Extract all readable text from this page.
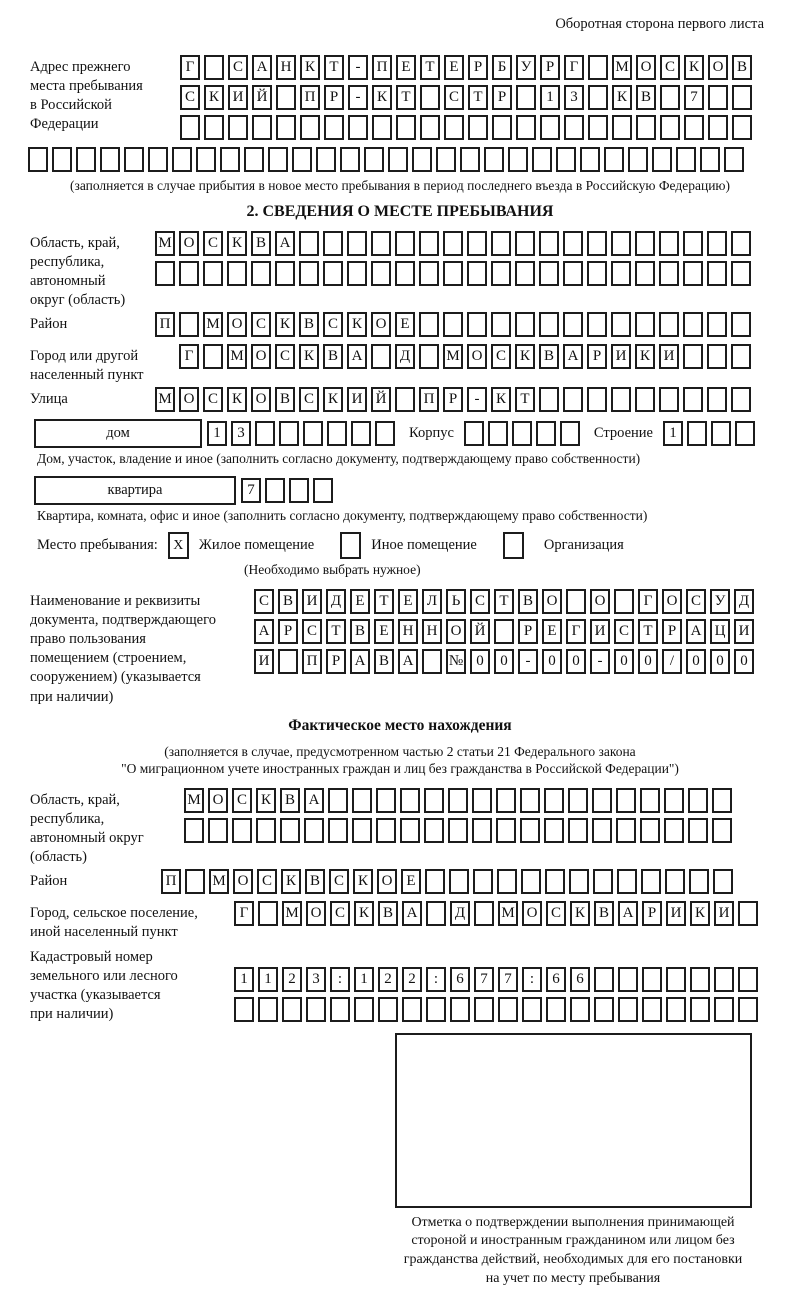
Оборотная сторона первого листа
Адрес прежнего
места пребывания
в Российской
Федерации
Г	С А Н К Т	-	П Е Т Е	Р	Б У Р	Г	М О С К О В
С К И Й	П Р	-	К Т	С Т	Р	1	3	К В	7
(заполняется в случае прибытия в новое место пребывания в период последнего въезда в Российскую Федерацию)
2. СВЕДЕНИЯ О МЕСТЕ ПРЕБЫВАНИЯ
Область, край,
республика,
автономный
округ (область)
М О С К В А
Район	П	М О С К В С К О Е
Город или другой
населенный пункт
Г	М О С К В А	Д	М О С К В А Р И К И
Улица	М О С К О В С К И Й	П Р	-	К Т
дом	1	3	Корпус	Строение	1
Дом, участок, владение и иное (заполнить согласно документу, подтверждающему право собственности)
квартира	7
Квартира, комната, офис и иное (заполнить согласно документу, подтверждающему право собственности)
Место пребывания:	X	Жилое помещение	Иное помещение	Организация
(Необходимо выбрать нужное)
Наименование и реквизиты
документа, подтверждающего
право пользования
помещением (строением,
сооружением) (указывается
при наличии)
С В И Д Е Т Е Л Ь С Т В О	О	Г О С У Д
А Р С Т В Е Н Н О Й	Р	Е	Г И С Т	Р А Ц И
И	П Р А В А	№ 0	0	-	0	0	-	0	0	/	0	0	0
Фактическое место нахождения
(заполняется в случае, предусмотренном частью 2 статьи 21 Федерального закона
"О миграционном учете иностранных граждан и лиц без гражданства в Российской Федерации")
Область, край,
республика,
автономный округ
(область)
М О С К В А
Район	П	М О С К В С К О Е
Город, сельское поселение,
иной населенный пункт
Г	М О С К В А	Д	М О С К В А Р И К И
Кадастровый номер
земельного или лесного
участка (указывается
при наличии)
1	1	2	3	:	1	2	2	:	6	7	7	:	6	6
Отметка о подтверждении выполнения принимающей
стороной и иностранным гражданином или лицом без
гражданства действий, необходимых для его постановки
на учет по месту пребывания
